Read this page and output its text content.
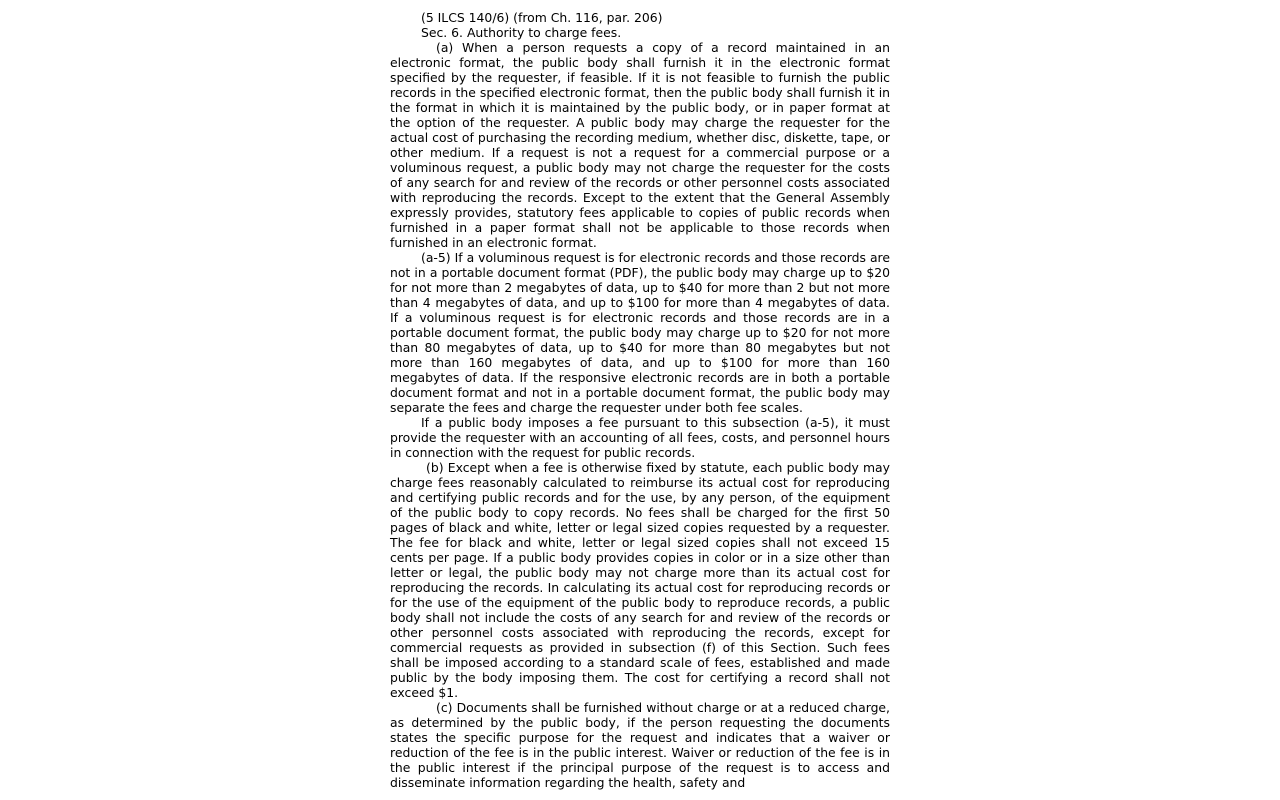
(5 ILCS 140/6) (from Ch. 116, par. 206)

Sec. 6. Authority to charge fees.

(a) When a person requests a copy of a record maintained in an electronic format, the public body shall furnish it in the electronic format specified by the requester, if feasible. If it is not feasible to furnish the public records in the specified electronic format, then the public body shall furnish it in the format in which it is maintained by the public body, or in paper format at the option of the requester. A public body may charge the requester for the actual cost of purchasing the recording medium, whether disc, diskette, tape, or other medium. If a request is not a request for a commercial purpose or a voluminous request, a public body may not charge the requester for the costs of any search for and review of the records or other personnel costs associated with reproducing the records. Except to the extent that the General Assembly expressly provides, statutory fees applicable to copies of public records when furnished in a paper format shall not be applicable to those records when furnished in an electronic format.

(a-5) If a voluminous request is for electronic records and those records are not in a portable document format (PDF), the public body may charge up to $20 for not more than 2 megabytes of data, up to $40 for more than 2 but not more than 4 megabytes of data, and up to $100 for more than 4 megabytes of data. If a voluminous request is for electronic records and those records are in a portable document format, the public body may charge up to $20 for not more than 80 megabytes of data, up to $40 for more than 80 megabytes but not more than 160 megabytes of data, and up to $100 for more than 160 megabytes of data. If the responsive electronic records are in both a portable document format and not in a portable document format, the public body may separate the fees and charge the requester under both fee scales.

If a public body imposes a fee pursuant to this subsection (a-5), it must provide the requester with an accounting of all fees, costs, and personnel hours in connection with the request for public records.

(b) Except when a fee is otherwise fixed by statute, each public body may charge fees reasonably calculated to reimburse its actual cost for reproducing and certifying public records and for the use, by any person, of the equipment of the public body to copy records. No fees shall be charged for the first 50 pages of black and white, letter or legal sized copies requested by a requester. The fee for black and white, letter or legal sized copies shall not exceed 15 cents per page. If a public body provides copies in color or in a size other than letter or legal, the public body may not charge more than its actual cost for reproducing the records. In calculating its actual cost for reproducing records or for the use of the equipment of the public body to reproduce records, a public body shall not include the costs of any search for and review of the records or other personnel costs associated with reproducing the records, except for commercial requests as provided in subsection (f) of this Section. Such fees shall be imposed according to a standard scale of fees, established and made public by the body imposing them. The cost for certifying a record shall not exceed $1.

(c) Documents shall be furnished without charge or at a reduced charge, as determined by the public body, if the person requesting the documents states the specific purpose for the request and indicates that a waiver or reduction of the fee is in the public interest. Waiver or reduction of the fee is in the public interest if the principal purpose of the request is to access and disseminate information regarding the health, safety and
